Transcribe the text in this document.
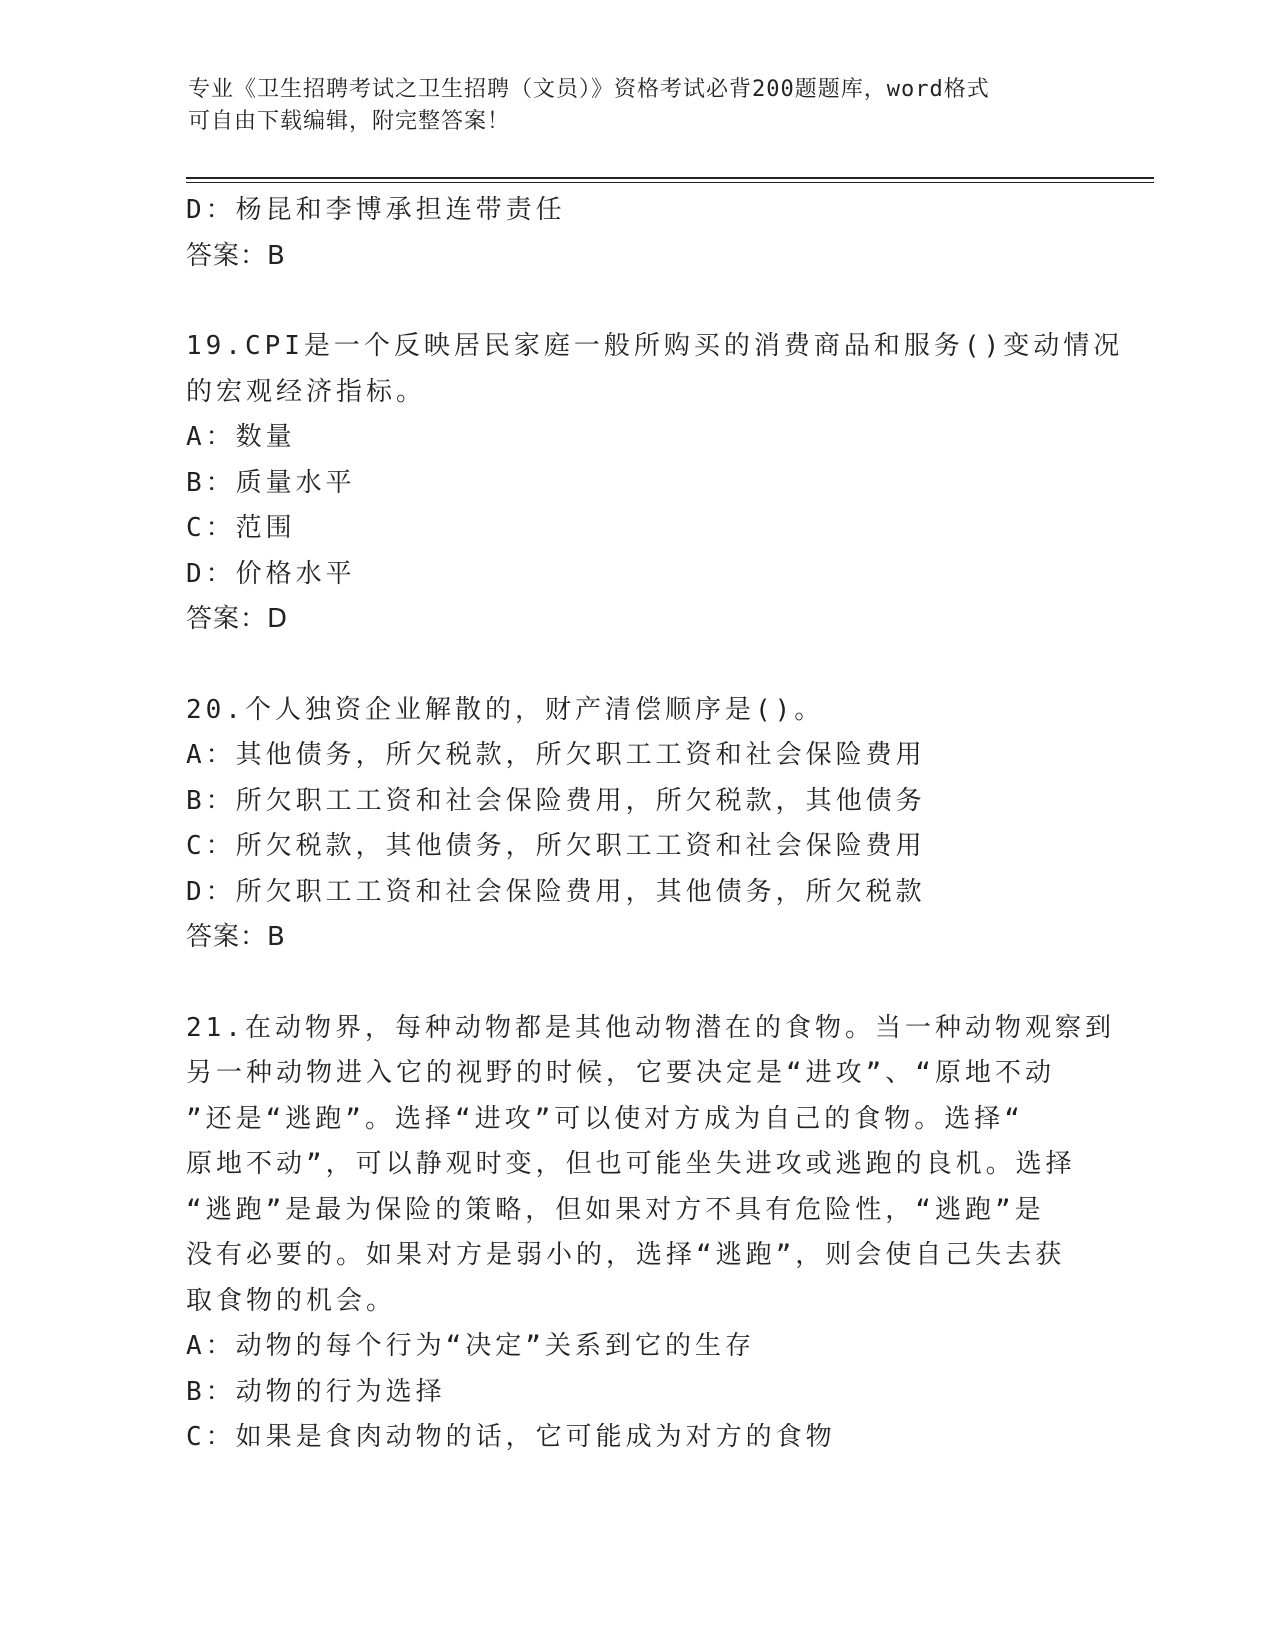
专业《卫生招聘考试之卫生招聘（文员）》资格考试必背200题题库，word格式
可自由下载编辑，附完整答案！
D：杨昆和李博承担连带责任
答案：B
19.CPI是一个反映居民家庭一般所购买的消费商品和服务()变动情况
的宏观经济指标。
A：数量
B：质量水平
C：范围
D：价格水平
答案：D
20.个人独资企业解散的，财产清偿顺序是()。
A：其他债务，所欠税款，所欠职工工资和社会保险费用
B：所欠职工工资和社会保险费用，所欠税款，其他债务
C：所欠税款，其他债务，所欠职工工资和社会保险费用
D：所欠职工工资和社会保险费用，其他债务，所欠税款
答案：B
21.在动物界，每种动物都是其他动物潜在的食物。当一种动物观察到
另一种动物进入它的视野的时候，它要决定是“进攻”、“原地不动
”还是“逃跑”。选择“进攻”可以使对方成为自己的食物。选择“
原地不动”，可以静观时变，但也可能坐失进攻或逃跑的良机。选择
“逃跑”是最为保险的策略，但如果对方不具有危险性，“逃跑”是
没有必要的。如果对方是弱小的，选择“逃跑”，则会使自己失去获
取食物的机会。
A：动物的每个行为“决定”关系到它的生存
B：动物的行为选择
C：如果是食肉动物的话，它可能成为对方的食物
